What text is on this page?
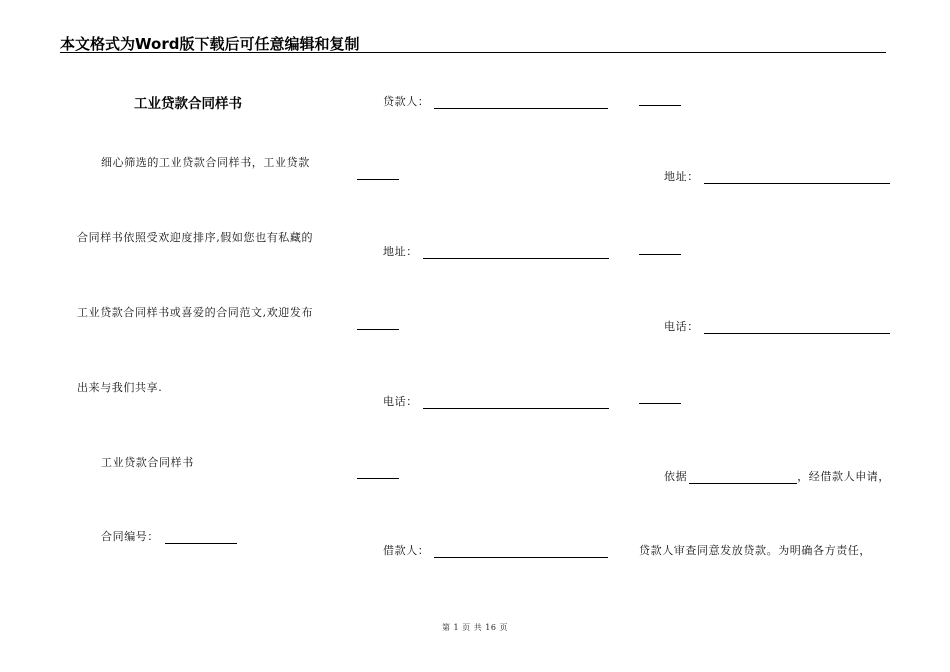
本文格式为Word版下载后可任意编辑和复制
工业贷款合同样书
细心筛选的工业贷款合同样书，工业贷款
合同样书依照受欢迎度排序,假如您也有私藏的
工业贷款合同样书或喜爱的合同范文,欢迎发布
出来与我们共享.
工业贷款合同样书
合同编号：
贷款人：
地址：
电话：
借款人：
地址：
电话：
依据	，经借款人申请，
贷款人审查同意发放贷款。为明确各方责任，
第 1 页 共 16 页
